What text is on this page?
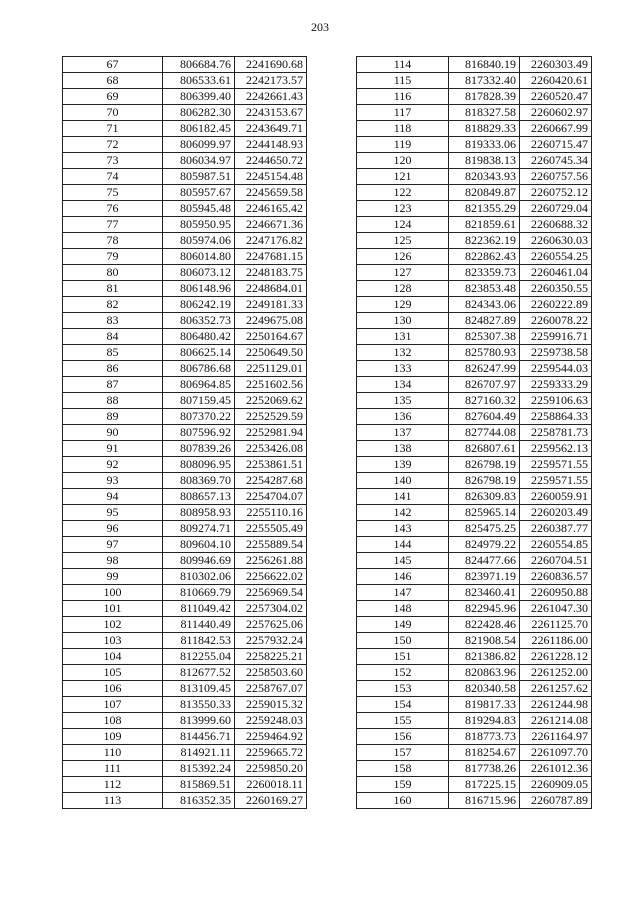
203
67	806684.76	2241690.68
68	806533.61	2242173.57
69	806399.40	2242661.43
70	806282.30	2243153.67
71	806182.45	2243649.71
72	806099.97	2244148.93
73	806034.97	2244650.72
74	805987.51	2245154.48
75	805957.67	2245659.58
76	805945.48	2246165.42
77	805950.95	2246671.36
78	805974.06	2247176.82
79	806014.80	2247681.15
80	806073.12	2248183.75
81	806148.96	2248684.01
82	806242.19	2249181.33
83	806352.73	2249675.08
84	806480.42	2250164.67
85	806625.14	2250649.50
86	806786.68	2251129.01
87	806964.85	2251602.56
88	807159.45	2252069.62
89	807370.22	2252529.59
90	807596.92	2252981.94
91	807839.26	2253426.08
92	808096.95	2253861.51
93	808369.70	2254287.68
94	808657.13	2254704.07
95	808958.93	2255110.16
96	809274.71	2255505.49
97	809604.10	2255889.54
98	809946.69	2256261.88
99	810302.06	2256622.02
100	810669.79	2256969.54
101	811049.42	2257304.02
102	811440.49	2257625.06
103	811842.53	2257932.24
104	812255.04	2258225.21
105	812677.52	2258503.60
106	813109.45	2258767.07
107	813550.33	2259015.32
108	813999.60	2259248.03
109	814456.71	2259464.92
110	814921.11	2259665.72
111	815392.24	2259850.20
112	815869.51	2260018.11
113	816352.35	2260169.27
114	816840.19	2260303.49
115	817332.40	2260420.61
116	817828.39	2260520.47
117	818327.58	2260602.97
118	818829.33	2260667.99
119	819333.06	2260715.47
120	819838.13	2260745.34
121	820343.93	2260757.56
122	820849.87	2260752.12
123	821355.29	2260729.04
124	821859.61	2260688.32
125	822362.19	2260630.03
126	822862.43	2260554.25
127	823359.73	2260461.04
128	823853.48	2260350.55
129	824343.06	2260222.89
130	824827.89	2260078.22
131	825307.38	2259916.71
132	825780.93	2259738.58
133	826247.99	2259544.03
134	826707.97	2259333.29
135	827160.32	2259106.63
136	827604.49	2258864.33
137	827744.08	2258781.73
138	826807.61	2259562.13
139	826798.19	2259571.55
140	826798.19	2259571.55
141	826309.83	2260059.91
142	825965.14	2260203.49
143	825475.25	2260387.77
144	824979.22	2260554.85
145	824477.66	2260704.51
146	823971.19	2260836.57
147	823460.41	2260950.88
148	822945.96	2261047.30
149	822428.46	2261125.70
150	821908.54	2261186.00
151	821386.82	2261228.12
152	820863.96	2261252.00
153	820340.58	2261257.62
154	819817.33	2261244.98
155	819294.83	2261214.08
156	818773.73	2261164.97
157	818254.67	2261097.70
158	817738.26	2261012.36
159	817225.15	2260909.05
160	816715.96	2260787.89
